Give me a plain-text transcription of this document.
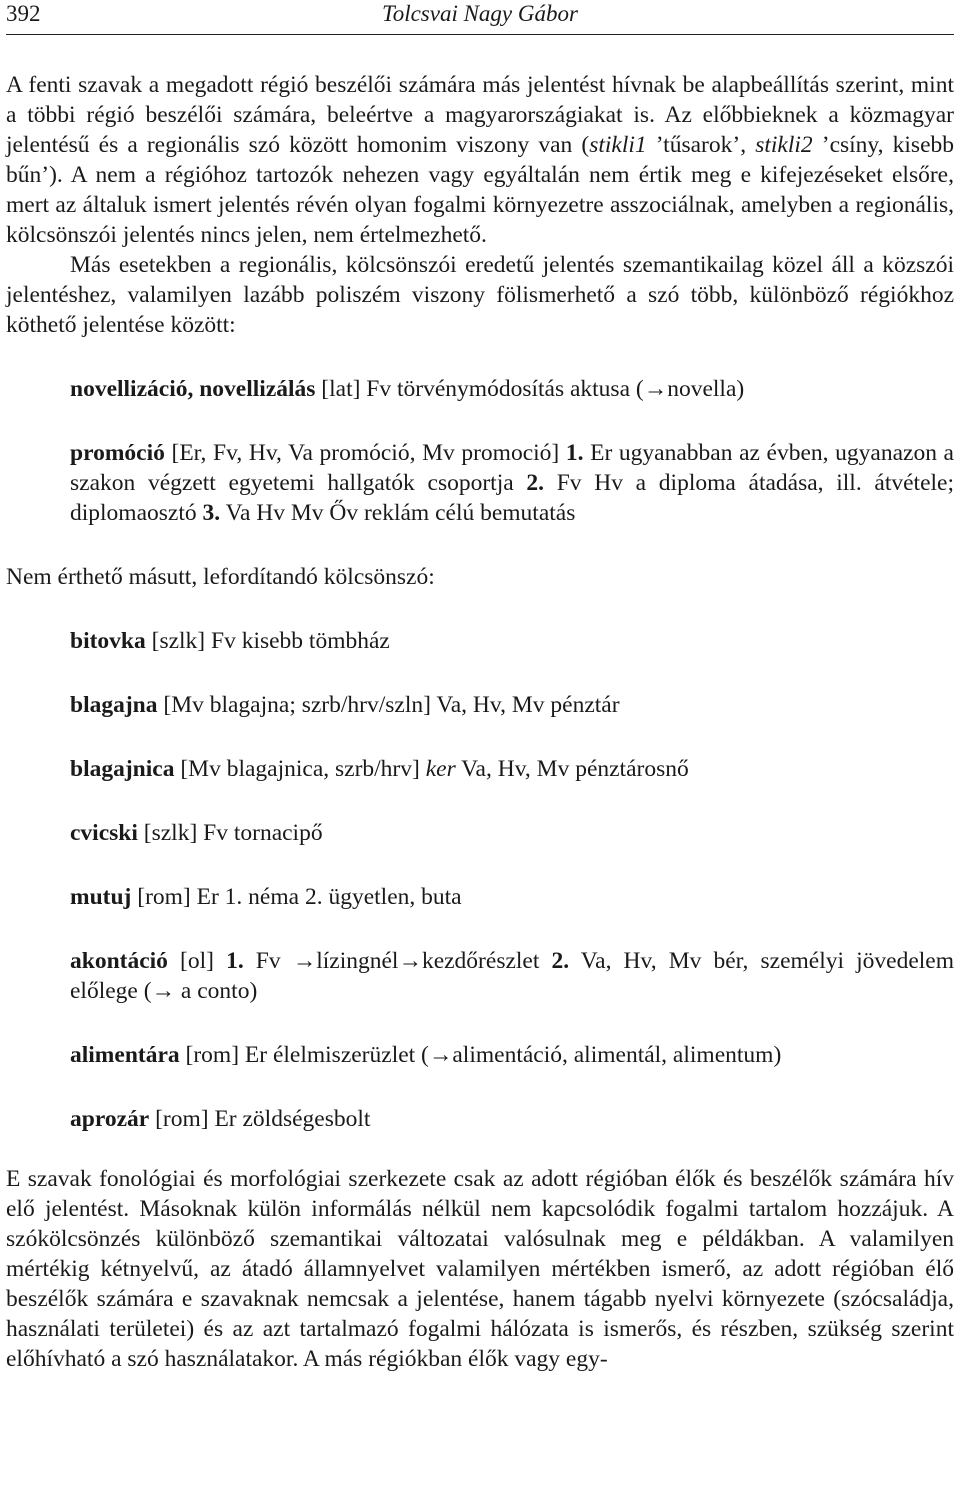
392	Tolcsvai Nagy Gábor

A fenti szavak a megadott régió beszélői számára más jelentést hívnak be alapbeállítás szerint, mint a többi régió beszélői számára, beleértve a magyarországiakat is. Az előbbieknek a közmagyar jelentésű és a regionális szó között homonim viszony van (stikli1 ’tűsarok’, stikli2 ’csíny, kisebb bűn’). A nem a régióhoz tartozók nehezen vagy egyáltalán nem értik meg e kifejezéseket elsőre, mert az általuk ismert jelentés révén olyan fogalmi környezetre asszociálnak, amelyben a regionális, kölcsönszói jelentés nincs jelen, nem értelmezhető.

Más esetekben a regionális, kölcsönszói eredetű jelentés szemantikailag közel áll a közszói jelentéshez, valamilyen lazább poliszém viszony fölismerhető a szó több, különböző régiókhoz köthető jelentése között:

novellizáció, novellizálás [lat] Fv törvénymódosítás aktusa (→novella)

promóció [Er, Fv, Hv, Va promóció, Mv promoció] 1. Er ugyanabban az évben, ugyanazon a szakon végzett egyetemi hallgatók csoportja 2. Fv Hv a diploma átadása, ill. átvétele; diplomaosztó 3. Va Hv Mv Őv reklám célú bemutatás

Nem érthető másutt, lefordítandó kölcsönszó:

bitovka [szlk] Fv kisebb tömbház

blagajna [Mv blagajna; szrb/hrv/szln] Va, Hv, Mv pénztár

blagajnica [Mv blagajnica, szrb/hrv] ker Va, Hv, Mv pénztárosnő

cvicski [szlk] Fv tornacipő

mutuj [rom] Er 1. néma 2. ügyetlen, buta

akontáció [ol] 1. Fv →lízingnél→kezdőrészlet 2. Va, Hv, Mv bér, személyi jövedelem előlege (→ a conto)

alimentára [rom] Er élelmiszerüzlet (→alimentáció, alimentál, alimentum)

aprozár [rom] Er zöldségesbolt

E szavak fonológiai és morfológiai szerkezete csak az adott régióban élők és beszélők számára hív elő jelentést. Másoknak külön informálás nélkül nem kapcsolódik fogalmi tartalom hozzájuk. A szókölcsönzés különböző szemantikai változatai valósulnak meg e példákban. A valamilyen mértékig kétnyelvű, az átadó államnyelvet valamilyen mértékben ismerő, az adott régióban élő beszélők számára e szavaknak nemcsak a jelentése, hanem tágabb nyelvi környezete (szócsaládja, használati területei) és az azt tartalmazó fogalmi hálózata is ismerős, és részben, szükség szerint előhívható a szó használatakor. A más régiókban élők vagy egy-
